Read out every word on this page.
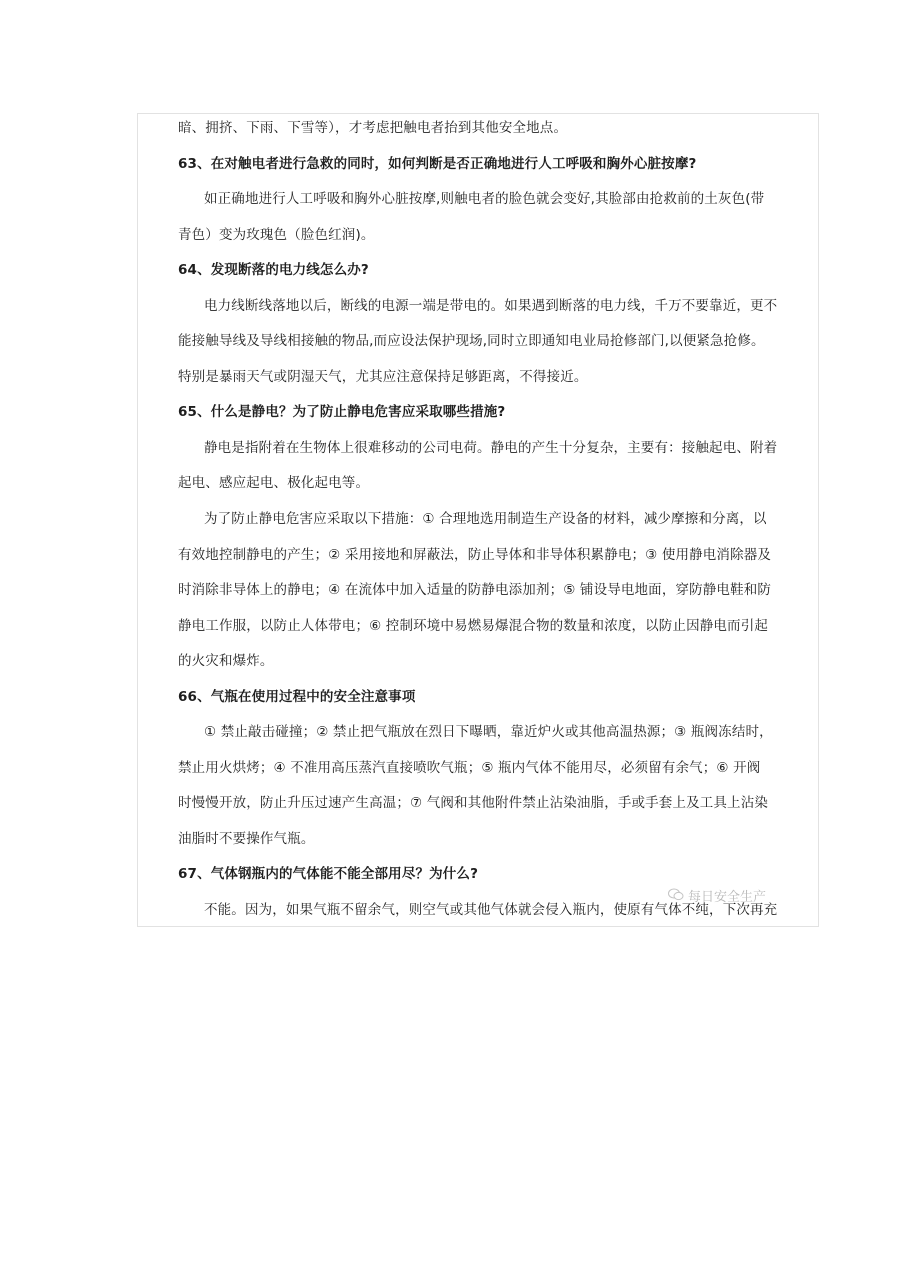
暗、拥挤、下雨、下雪等），才考虑把触电者抬到其他安全地点。
63、在对触电者进行急救的同时，如何判断是否正确地进行人工呼吸和胸外心脏按摩?
如正确地进行人工呼吸和胸外心脏按摩,则触电者的脸色就会变好,其脸部由抢救前的土灰色(带
青色）变为玫瑰色（脸色红润)。
64、发现断落的电力线怎么办?
电力线断线落地以后，断线的电源一端是带电的。如果遇到断落的电力线，千万不要靠近，更不
能接触导线及导线相接触的物品,而应设法保护现场,同时立即通知电业局抢修部门,以便紧急抢修。
特别是暴雨天气或阴湿天气，尤其应注意保持足够距离，不得接近。
65、什么是静电？为了防止静电危害应采取哪些措施?
静电是指附着在生物体上很难移动的公司电荷。静电的产生十分复杂，主要有：接触起电、附着
起电、感应起电、极化起电等。
为了防止静电危害应采取以下措施：① 合理地选用制造生产设备的材料，减少摩擦和分离，以
有效地控制静电的产生；② 采用接地和屏蔽法，防止导体和非导体积累静电；③ 使用静电消除器及
时消除非导体上的静电；④ 在流体中加入适量的防静电添加剂；⑤ 铺设导电地面，穿防静电鞋和防
静电工作服，以防止人体带电；⑥ 控制环境中易燃易爆混合物的数量和浓度，以防止因静电而引起
的火灾和爆炸。
66、气瓶在使用过程中的安全注意事项
① 禁止敲击碰撞；② 禁止把气瓶放在烈日下曝晒，靠近炉火或其他高温热源；③ 瓶阀冻结时，
禁止用火烘烤；④ 不准用高压蒸汽直接喷吹气瓶；⑤ 瓶内气体不能用尽，必须留有余气；⑥ 开阀
时慢慢开放，防止升压过速产生高温；⑦ 气阀和其他附件禁止沾染油脂，手或手套上及工具上沾染
油脂时不要操作气瓶。
67、气体钢瓶内的气体能不能全部用尽？为什么?
每日安全生产
不能。因为，如果气瓶不留余气，则空气或其他气体就会侵入瓶内，使原有气体不纯，下次再充
